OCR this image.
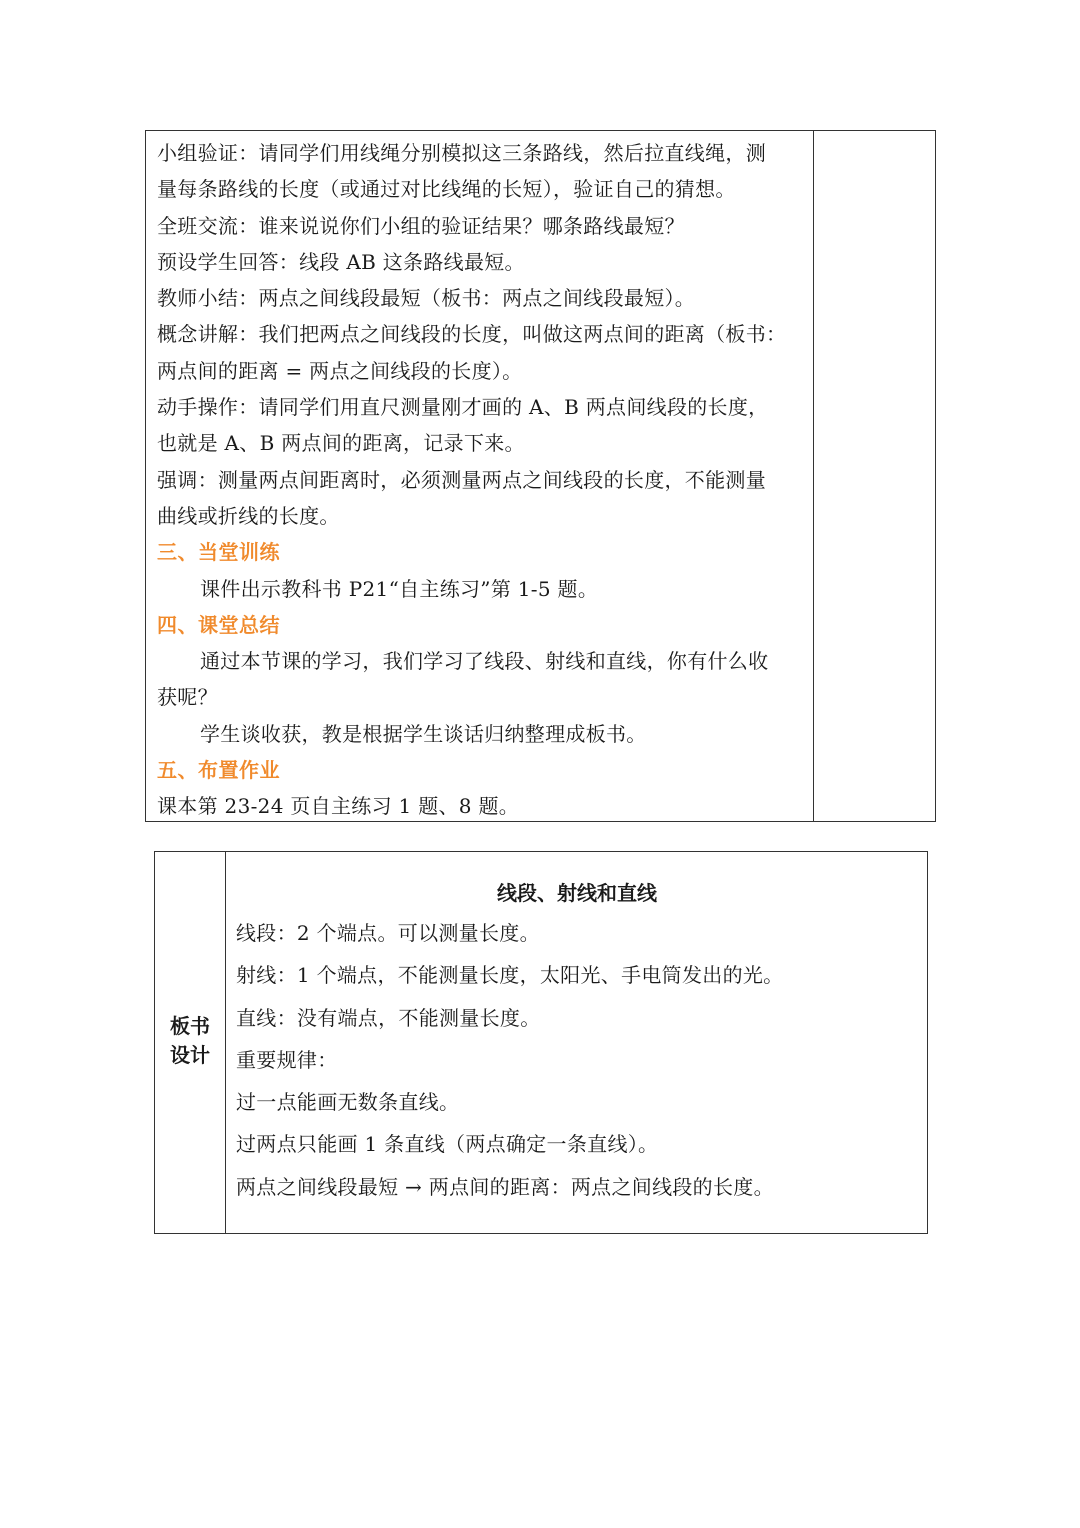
小组验证：请同学们用线绳分别模拟这三条路线，然后拉直线绳，测
量每条路线的长度（或通过对比线绳的长短），验证自己的猜想。
全班交流：谁来说说你们小组的验证结果？哪条路线最短？
预设学生回答：线段 AB 这条路线最短。
教师小结：两点之间线段最短（板书：两点之间线段最短）。
概念讲解：我们把两点之间线段的长度，叫做这两点间的距离（板书：
两点间的距离 = 两点之间线段的长度）。
动手操作：请同学们用直尺测量刚才画的 A、B 两点间线段的长度，
也就是 A、B 两点间的距离，记录下来。
强调：测量两点间距离时，必须测量两点之间线段的长度，不能测量
曲线或折线的长度。
三、当堂训练
课件出示教科书 P21“自主练习”第 1-5 题。
四、课堂总结
通过本节课的学习，我们学习了线段、射线和直线，你有什么收
获呢？
学生谈收获，教是根据学生谈话归纳整理成板书。
五、布置作业
课本第 23-24 页自主练习 1 题、8 题。
板书
设计
线段、射线和直线
线段：2 个端点。可以测量长度。
射线：1 个端点，不能测量长度，太阳光、手电筒发出的光。
直线：没有端点，不能测量长度。
重要规律：
过一点能画无数条直线。
过两点只能画 1 条直线（两点确定一条直线）。
两点之间线段最短 → 两点间的距离：两点之间线段的长度。
